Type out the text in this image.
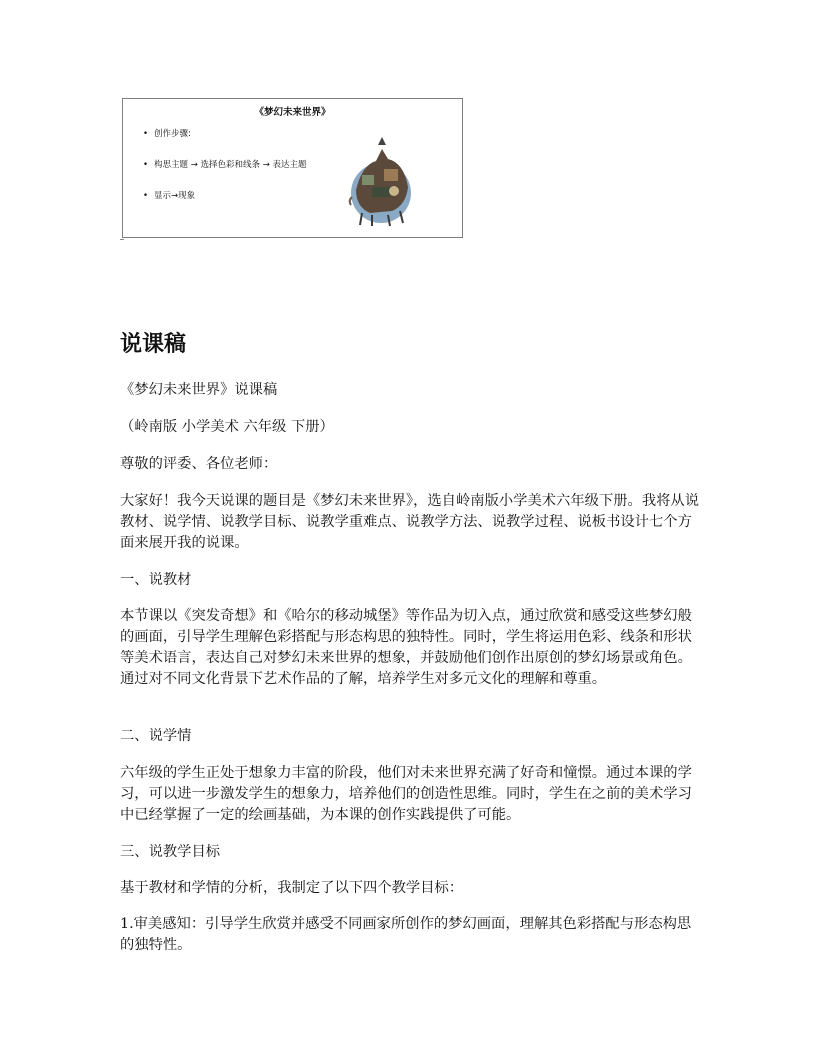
《梦幻未来世界》
• 创作步骤:
• 构思主题 → 选择色彩和线条 → 表达主题
• 显示→现象
说课稿

《梦幻未来世界》说课稿

（岭南版 小学美术 六年级 下册）

尊敬的评委、各位老师：

大家好！我今天说课的题目是《梦幻未来世界》，选自岭南版小学美术六年级下册。我将从说教材、说学情、说教学目标、说教学重难点、说教学方法、说教学过程、说板书设计七个方面来展开我的说课。

一、说教材

本节课以《突发奇想》和《哈尔的移动城堡》等作品为切入点，通过欣赏和感受这些梦幻般的画面，引导学生理解色彩搭配与形态构思的独特性。同时，学生将运用色彩、线条和形状等美术语言，表达自己对梦幻未来世界的想象，并鼓励他们创作出原创的梦幻场景或角色。通过对不同文化背景下艺术作品的了解，培养学生对多元文化的理解和尊重。

二、说学情

六年级的学生正处于想象力丰富的阶段，他们对未来世界充满了好奇和憧憬。通过本课的学习，可以进一步激发学生的想象力，培养他们的创造性思维。同时，学生在之前的美术学习中已经掌握了一定的绘画基础，为本课的创作实践提供了可能。

三、说教学目标

基于教材和学情的分析，我制定了以下四个教学目标：

1.审美感知：引导学生欣赏并感受不同画家所创作的梦幻画面，理解其色彩搭配与形态构思的独特性。
